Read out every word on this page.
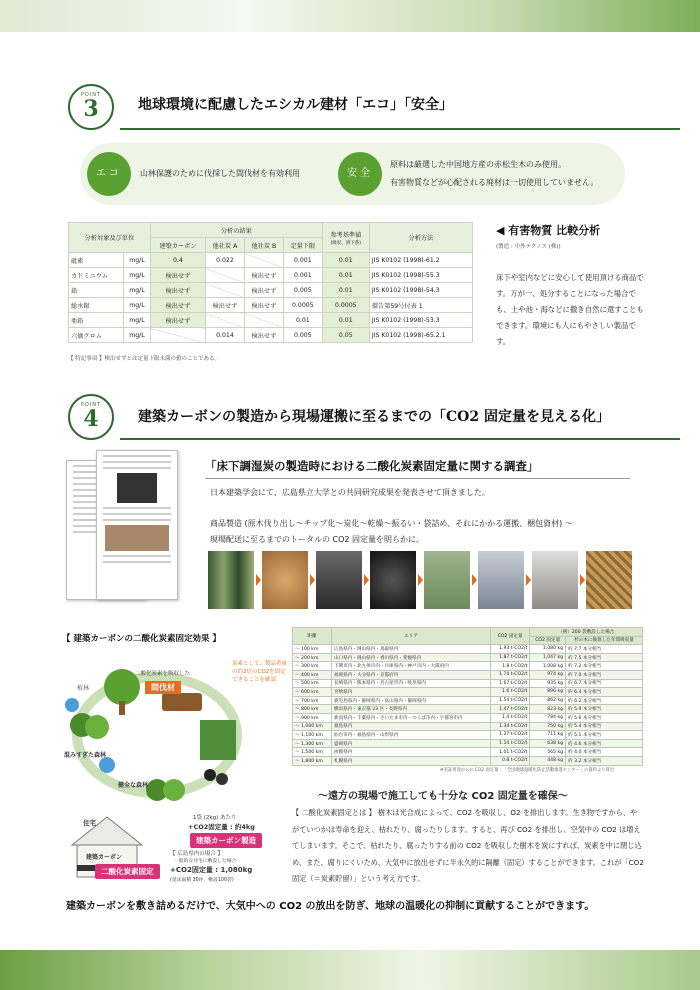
POINT
3	地球環境に配慮したエシカル建材「エコ」「安全」
エコ	山林保護のために伐採した間伐材を有効利用	安全
原料は厳選した中国地方産の赤松生木のみ使用。
有害物質などが心配される廃材は一切使用していません。
分析対象及び単位		分析の結果				参考基準値
(吸収、溶下系)	分析方法
		建築カーボン	他社炭 A	他社炭 B	定量下限		
砒素	mg/L	0.4	0.022		0.001	0.01	JIS K0102 (1998)-61.2
カドミニウム	mg/L	検出せず		検出せず	0.001	0.01	JIS K0102 (1998)-55.3
鉛	mg/L	検出せず		検出せず	0.005	0.01	JIS K0102 (1998)-54.3
総水銀	mg/L	検出せず	検出せず	検出せず	0.0005	0.0005	環告第59号付表 1
亜鉛	mg/L	検出せず			0.01	0.01	JIS K0102 (1998)-53.3
六価クロム	mg/L		0.014	検出せず	0.005	0.05	JIS K0102 (1998)-65.2.1
【 特記事項 】検出せずとは定量下限未満の値のことである。
◀ 有害物質 比較分析
(製造 : 中外テクノス (株))
床下や室内などに安心して使用頂ける商品です。万が一、処分することになった場合でも、土や池・海などに撒き自然に還すこともできます。環境にも人にもやさしい製品です。
POINT
4	建築カーボンの製造から現場運搬に至るまでの「CO2 固定量を見える化」
「床下調湿炭の製造時における二酸化炭素固定量に関する調査」
日本建築学会にて、広島県立大学との共同研究成果を発表させて頂きました。
商品製造 (原木伐り出し～チップ化～炭化～乾燥～振るい・袋詰め、それにかかる運搬、梱包資材) ～
現場配送に至るまでのトータルの CO2 固定量を明らかに。
【 建築カーボンの二酸化炭素固定効果 】
間伐材
二酸化炭素を吸収した
混みすぎた森林
健全な森林
植林
炭素として、製品重量の約2倍のCO2を固定できることを確認
1袋 (2kg) あたり
+CO2固定量 : 約4kg
建築カーボン製造
住宅
建築カーボン	【 広島県内の場合 】
一般的な住宅に敷設した場合
+CO2固定量 : 1,080kg
(延床面積 30坪、敷設100袋)
二酸化炭素固定
距離	エリア	CO2 固定量	（例）200 袋敷設した場合	
			CO2 固定量	杉の木に換算した年間吸収量
～ 100 km	広島県内・岡山県内・鳥取県内	1.93 t-CO2/t	1,080 kg	約 7.7 本分相当
～ 200 km	山口県内・岡山県内・香川県内・愛媛県内	1.87 t-CO2/t	1,047 kg	約 7.5 本分相当
～ 300 km	下関市内・北九州市内・兵庫県内・神戸市内・大阪府内	1.8 t-CO2/t	1,008 kg	約 7.2 本分相当
～ 400 km	福岡県内・大分県内・京都府内	1.74 t-CO2/t	974 kg	約 7.0 本分相当
～ 500 km	長崎県内・熊本県内・名古屋市内・岐阜県内	1.67 t-CO2/t	935 kg	約 6.7 本分相当
～ 600 km	宮崎県内	1.6 t-CO2/t	896 kg	約 6.4 本分相当
～ 700 km	鹿児島県内・静岡県内・富山県内・静岡県内	1.54 t-CO2/t	862 kg	約 6.2 本分相当
～ 800 km	横浜県内・東京都 23 区・長野県内	1.47 t-CO2/t	823 kg	約 5.9 本分相当
～ 900 km	新潟県内・千葉県内・さいたま市内・つくば市内・宇都宮市内	1.4 t-CO2/t	784 kg	約 5.6 本分相当
～ 1,000 km	福島県内	1.34 t-CO2/t	750 kg	約 5.4 本分相当
～ 1,100 km	仙台市内・福島県内・山形県内	1.27 t-CO2/t	711 kg	約 5.1 本分相当
～ 1,300 km	盛岡県内	1.14 t-CO2/t	638 kg	約 4.6 本分相当
～ 1,500 km	函館県内	1.01 t-CO2/t	565 kg	約 4.0 本分相当
～ 1,800 km	札幌県内	0.8 t-CO2/t	448 kg	約 3.2 本分相当
※実証用途からの CO2 固定量 : 「全国地球温暖化防止活動推進センター」の資料より算出
～遠方の現場で施工しても十分な CO2 固定量を確保～
【 二酸化炭素固定とは 】 樹木は光合成によって、CO2 を吸収し、O2 を排出します。生き物ですから、やがていつかは寿命を迎え、枯れたり、腐ったりします。すると、再び CO2 を排出し、空気中の CO2 は増えてしまいます。そこで、枯れたり、腐ったりする前の CO2 を吸収した樹木を炭にすれば、炭素を中に閉じ込め、また、腐りにくいため、大気中に放出せずに半永久的に隔離（固定）することができます。これが「CO2 固定（＝炭素貯留）」という考え方です。
建築カーボンを敷き詰めるだけで、大気中への CO2 の放出を防ぎ、地球の温暖化の抑制に貢献することができます。
